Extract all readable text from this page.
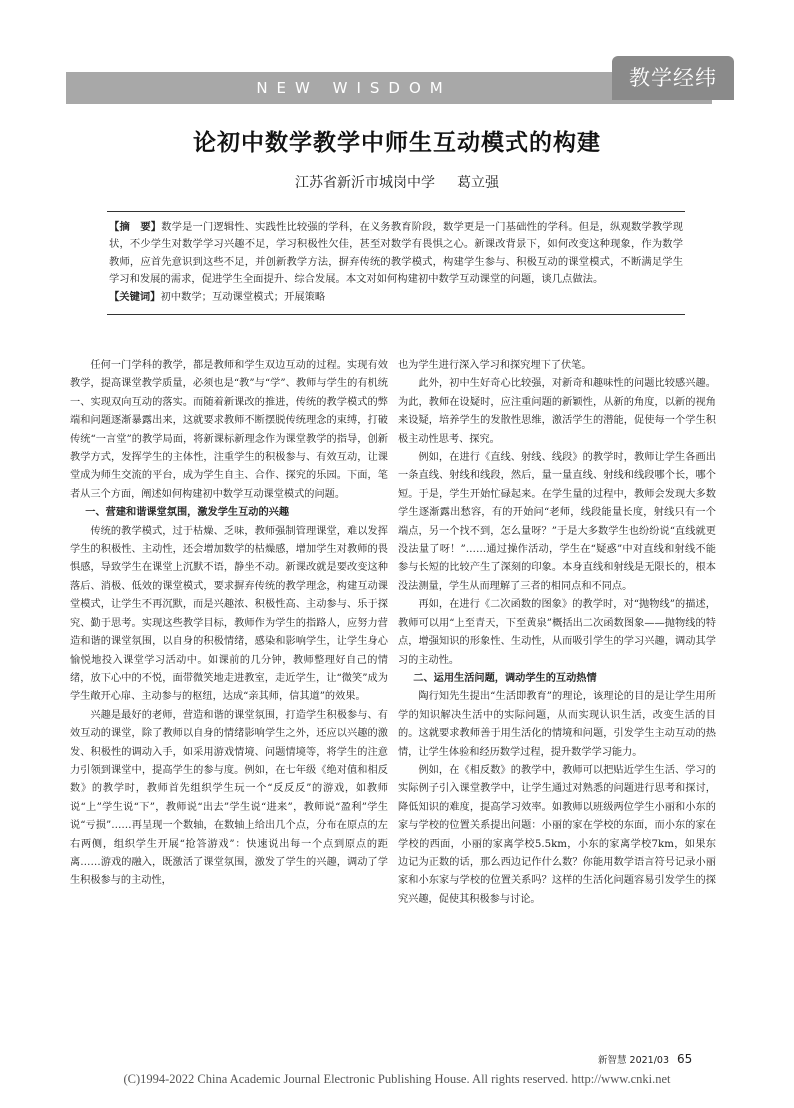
NEW WISDOM	教学经纬
论初中数学教学中师生互动模式的构建
江苏省新沂市城岗中学 葛立强

【摘　要】数学是一门逻辑性、实践性比较强的学科，在义务教育阶段，数学更是一门基础性的学科。但是，纵观数学教学现状，不少学生对数学学习兴趣不足，学习积极性欠佳，甚至对数学有畏惧之心。新课改背景下，如何改变这种现象，作为数学教师，应首先意识到这些不足，并创新教学方法，摒弃传统的教学模式，构建学生参与、积极互动的课堂模式，不断满足学生学习和发展的需求，促进学生全面提升、综合发展。本文对如何构建初中数学互动课堂的问题，谈几点做法。

【关键词】初中数学；互动课堂模式；开展策略

任何一门学科的教学，都是教师和学生双边互动的过程。实现有效教学，提高课堂教学质量，必须也是“教”与“学”、教师与学生的有机统一、实现双向互动的落实。而随着新课改的推进，传统的教学模式的弊端和问题逐渐暴露出来，这就要求教师不断摆脱传统理念的束缚，打破传统“一言堂”的教学局面，将新课标新理念作为课堂教学的指导，创新教学方式，发挥学生的主体性，注重学生的积极参与、有效互动，让课堂成为师生交流的平台，成为学生自主、合作、探究的乐园。下面，笔者从三个方面，阐述如何构建初中数学互动课堂模式的问题。

一、营建和谐课堂氛围，激发学生互动的兴趣

传统的教学模式，过于枯燥、乏味，教师强制管理课堂，难以发挥学生的积极性、主动性，还会增加数学的枯燥感，增加学生对教师的畏惧感，导致学生在课堂上沉默不语，静坐不动。新课改就是要改变这种落后、消极、低效的课堂模式，要求摒弃传统的教学理念，构建互动课堂模式，让学生不再沉默，而是兴趣浓、积极性高、主动参与、乐于探究、勤于思考。实现这些教学目标，教师作为学生的指路人，应努力营造和谐的课堂氛围，以自身的积极情绪，感染和影响学生，让学生身心愉悦地投入课堂学习活动中。如课前的几分钟，教师整理好自己的情绪，放下心中的不悦，面带微笑地走进教室，走近学生，让“微笑”成为学生敞开心扉、主动参与的枢纽，达成“亲其师，信其道”的效果。

兴趣是最好的老师，营造和谐的课堂氛围，打造学生积极参与、有效互动的课堂，除了教师以自身的情绪影响学生之外，还应以兴趣的激发、积极性的调动入手，如采用游戏情境、问题情境等，将学生的注意力引领到课堂中，提高学生的参与度。例如，在七年级《绝对值和相反数》的教学时，教师首先组织学生玩一个“反反反”的游戏，如教师说“上”学生说“下”，教师说“出去”学生说“进来”，教师说“盈利”学生说“亏损”……再呈现一个数轴，在数轴上给出几个点，分布在原点的左右两侧，组织学生开展“抢答游戏”：快速说出每一个点到原点的距离……游戏的融入，既激活了课堂氛围，激发了学生的兴趣，调动了学生积极参与的主动性，

也为学生进行深入学习和探究埋下了伏笔。

此外，初中生好奇心比较强，对新奇和趣味性的问题比较感兴趣。为此，教师在设疑时，应注重问题的新颖性，从新的角度，以新的视角来设疑，培养学生的发散性思维，激活学生的潜能，促使每一个学生积极主动性思考、探究。

例如，在进行《直线、射线、线段》的教学时，教师让学生各画出一条直线、射线和线段，然后，量一量直线、射线和线段哪个长，哪个短。于是，学生开始忙碌起来。在学生量的过程中，教师会发现大多数学生逐渐露出愁容，有的开始问“老师，线段能量长度，射线只有一个端点，另一个找不到，怎么量呀？”于是大多数学生也纷纷说“直线就更没法量了呀！”……通过操作活动，学生在“疑惑”中对直线和射线不能参与长短的比较产生了深刻的印象。本身直线和射线是无限长的，根本没法测量，学生从而理解了三者的相同点和不同点。

再如，在进行《二次函数的图象》的教学时，对“抛物线”的描述，教师可以用“上至青天，下至黄泉”概括出二次函数图象——抛物线的特点，增强知识的形象性、生动性，从而吸引学生的学习兴趣，调动其学习的主动性。

二、运用生活问题，调动学生的互动热情

陶行知先生提出“生活即教育”的理论，该理论的目的是让学生用所学的知识解决生活中的实际问题，从而实现认识生活，改变生活的目的。这就要求教师善于用生活化的情境和问题，引发学生主动互动的热情，让学生体验和经历数学过程，提升数学学习能力。

例如，在《相反数》的教学中，教师可以把贴近学生生活、学习的实际例子引入课堂教学中，让学生通过对熟悉的问题进行思考和探讨，降低知识的难度，提高学习效率。如教师以班级两位学生小丽和小东的家与学校的位置关系提出问题：小丽的家在学校的东面，而小东的家在学校的西面，小丽的家离学校5.5km，小东的家离学校7km，如果东边记为正数的话，那么西边记作什么数？你能用数学语言符号记录小丽家和小东家与学校的位置关系吗？这样的生活化问题容易引发学生的探究兴趣，促使其积极参与讨论。

新智慧 2021/03 65
(C)1994-2022 China Academic Journal Electronic Publishing House. All rights reserved. http://www.cnki.net
